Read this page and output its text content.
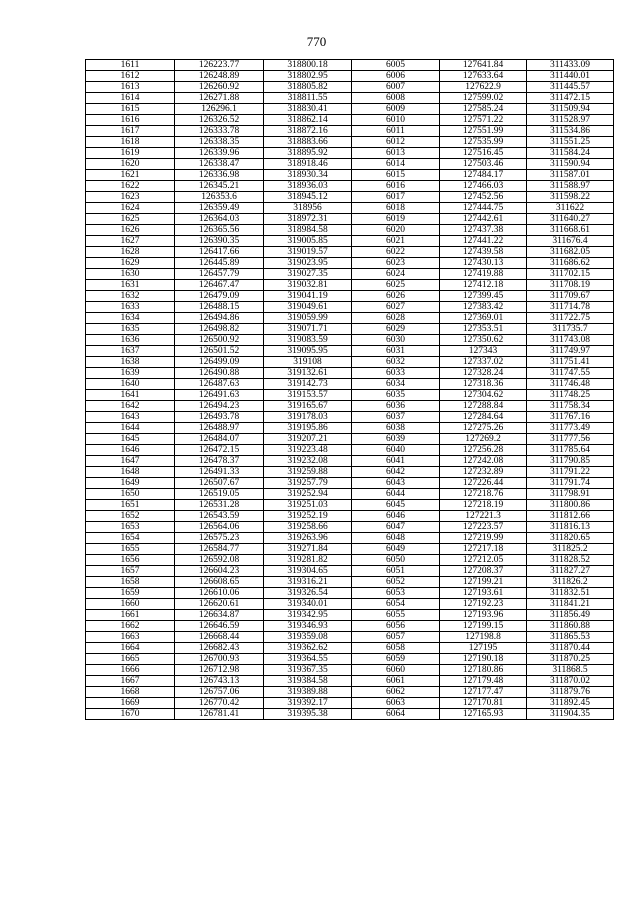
770
1611	126223.77	318800.18	6005	127641.84	311433.09
1612	126248.89	318802.95	6006	127633.64	311440.01
1613	126260.92	318805.82	6007	127622.9	311445.57
1614	126271.88	318811.55	6008	127599.02	311472.15
1615	126296.1	318830.41	6009	127585.24	311509.94
1616	126326.52	318862.14	6010	127571.22	311528.97
1617	126333.78	318872.16	6011	127551.99	311534.86
1618	126338.35	318883.66	6012	127535.99	311551.25
1619	126339.96	318895.92	6013	127516.45	311584.24
1620	126338.47	318918.46	6014	127503.46	311590.94
1621	126336.98	318930.34	6015	127484.17	311587.01
1622	126345.21	318936.03	6016	127466.03	311588.97
1623	126353.6	318945.12	6017	127452.56	311598.22
1624	126359.49	318956	6018	127444.75	311622
1625	126364.03	318972.31	6019	127442.61	311640.27
1626	126365.56	318984.58	6020	127437.38	311668.61
1627	126390.35	319005.85	6021	127441.22	311676.4
1628	126417.66	319019.57	6022	127439.58	311682.05
1629	126445.89	319023.95	6023	127430.13	311686.62
1630	126457.79	319027.35	6024	127419.88	311702.15
1631	126467.47	319032.81	6025	127412.18	311708.19
1632	126479.09	319041.19	6026	127399.45	311709.67
1633	126488.15	319049.61	6027	127383.42	311714.78
1634	126494.86	319059.99	6028	127369.01	311722.75
1635	126498.82	319071.71	6029	127353.51	311735.7
1636	126500.92	319083.59	6030	127350.62	311743.08
1637	126501.52	319095.95	6031	127343	311749.97
1638	126499.09	319108	6032	127337.02	311751.41
1639	126490.88	319132.61	6033	127328.24	311747.55
1640	126487.63	319142.73	6034	127318.36	311746.48
1641	126491.63	319153.57	6035	127304.62	311748.25
1642	126494.23	319165.67	6036	127288.84	311758.34
1643	126493.78	319178.03	6037	127284.64	311767.16
1644	126488.97	319195.86	6038	127275.26	311773.49
1645	126484.07	319207.21	6039	127269.2	311777.56
1646	126472.15	319223.48	6040	127256.28	311785.64
1647	126478.37	319232.08	6041	127242.08	311790.85
1648	126491.33	319259.88	6042	127232.89	311791.22
1649	126507.67	319257.79	6043	127226.44	311791.74
1650	126519.05	319252.94	6044	127218.76	311798.91
1651	126531.28	319251.03	6045	127218.19	311800.86
1652	126543.59	319252.19	6046	127221.3	311812.66
1653	126564.06	319258.66	6047	127223.57	311816.13
1654	126575.23	319263.96	6048	127219.99	311820.65
1655	126584.77	319271.84	6049	127217.18	311825.2
1656	126592.08	319281.82	6050	127212.05	311828.52
1657	126604.23	319304.65	6051	127208.37	311827.27
1658	126608.65	319316.21	6052	127199.21	311826.2
1659	126610.06	319326.54	6053	127193.61	311832.51
1660	126620.61	319340.01	6054	127192.23	311841.21
1661	126634.87	319342.95	6055	127193.96	311856.49
1662	126646.59	319346.93	6056	127199.15	311860.88
1663	126668.44	319359.08	6057	127198.8	311865.53
1664	126682.43	319362.62	6058	127195	311870.44
1665	126700.93	319364.55	6059	127190.18	311870.25
1666	126712.98	319367.35	6060	127180.86	311868.5
1667	126743.13	319384.58	6061	127179.48	311870.02
1668	126757.06	319389.88	6062	127177.47	311879.76
1669	126770.42	319392.17	6063	127170.81	311892.45
1670	126781.41	319395.38	6064	127165.93	311904.35
